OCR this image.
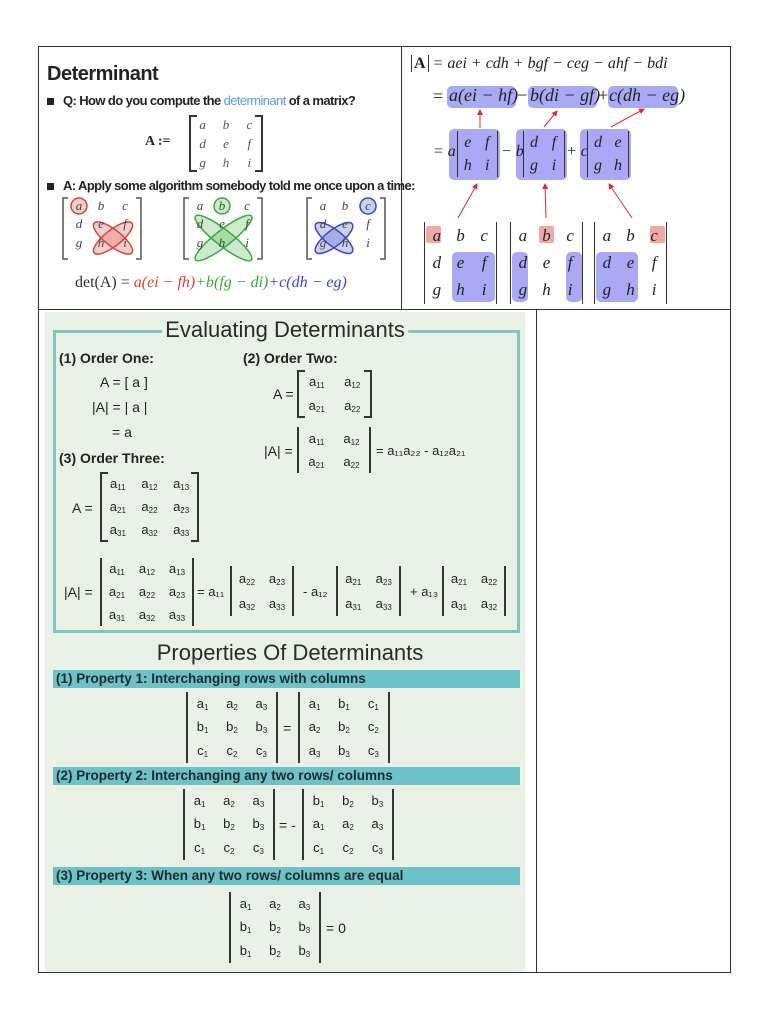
Determinant
Q: How do you compute the determinant of a matrix?
A :=
a b c
d e f
g h i
A: Apply some algorithm somebody told me once upon a time:
a b c
d e f
g h i
a b c
d e f
g h i
a b c
d e f
g h i
det(A) = a(ei − fh)+b(fg − di)+c(dh − eg)
A = aei + cdh + bgf − ceg − ahf − bdi
= a(ei − hf)
− b(di − gf)
+ c(dh − eg)
= a
e f
h i
− b
d f
g i
+ c
d e
g h
a b c
d e f
g h i
a b c
d e f
g h i
a b c
d e f
g h i
Evaluating Determinants
(1) Order One:
A = [ a ]
|A| = | a |
= a
(2) Order Two:
A =
$a_{11}$ $a_{12}$
$a_{21}$ $a_{22}$
|A| =
$a_{11}$ $a_{12}$
$a_{21}$ $a_{22}$
= a₁₁a₂₂ - a₁₂a₂₁
(3) Order Three:
A =
$a_{11}$ $a_{12}$ $a_{13}$
$a_{21}$ $a_{22}$ $a_{23}$
$a_{31}$ $a_{32}$ $a_{33}$
|A| =
$a_{11}$ $a_{12}$ $a_{13}$
$a_{21}$ $a_{22}$ $a_{23}$
$a_{31}$ $a_{32}$ $a_{33}$
= a₁₁
$a_{22}$ $a_{23}$
$a_{32}$ $a_{33}$
- a₁₂
$a_{21}$ $a_{23}$
$a_{31}$ $a_{33}$
+ a₁₃
$a_{21}$ $a_{22}$
$a_{31}$ $a_{32}$
Properties Of Determinants
(1) Property 1: Interchanging rows with columns
$a_1$ $a_2$ $a_3$
$b_1$ $b_2$ $b_3$
$c_1$ $c_2$ $c_3$
=
$a_1$ $b_1$ $c_1$
$a_2$ $b_2$ $c_2$
$a_3$ $b_3$ $c_3$
(2) Property 2: Interchanging any two rows/ columns
$a_1$ $a_2$ $a_3$
$b_1$ $b_2$ $b_3$
$c_1$ $c_2$ $c_3$
= -
$b_1$ $b_2$ $b_3$
$a_1$ $a_2$ $a_3$
$c_1$ $c_2$ $c_3$
(3) Property 3: When any two rows/ columns are equal
$a_1$ $a_2$ $a_3$
$b_1$ $b_2$ $b_3$
$b_1$ $b_2$ $b_3$
= 0
